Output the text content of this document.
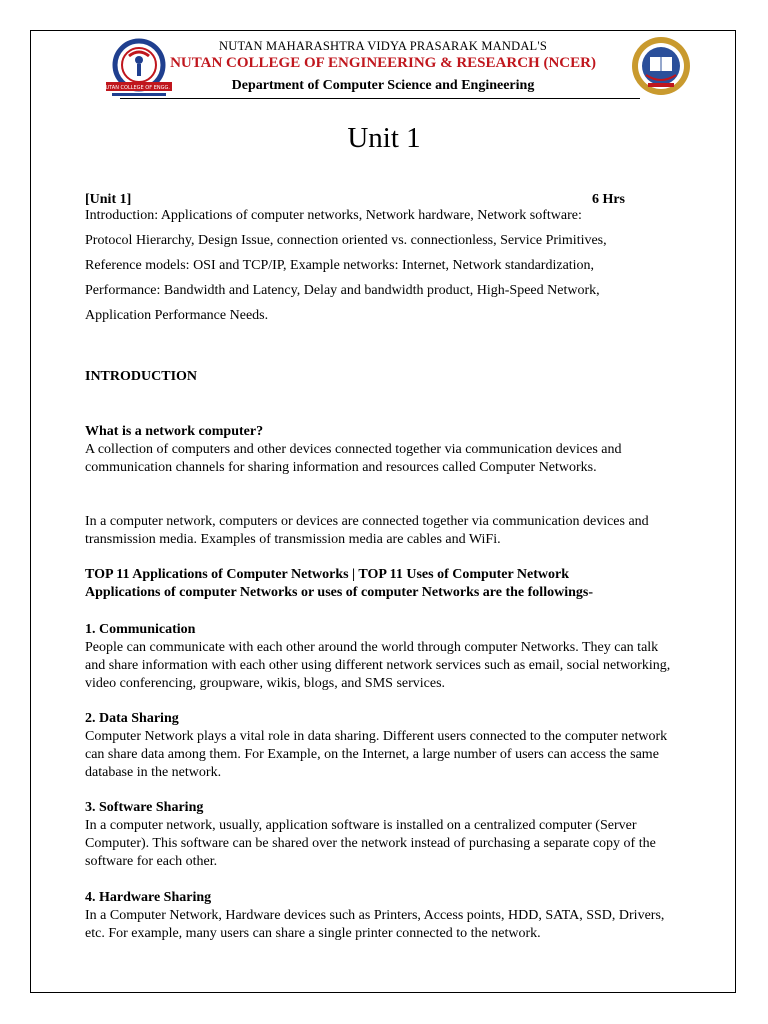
NUTAN COLLEGE OF ENGG. ...
NUTAN MAHARASHTRA VIDYA PRASARAK MANDAL'S
NUTAN COLLEGE OF ENGINEERING & RESEARCH (NCER)
Department of Computer Science and Engineering
Unit 1
[Unit 1]	6 Hrs
Introduction: Applications of computer networks, Network hardware, Network software:
Protocol Hierarchy, Design Issue, connection oriented vs. connectionless, Service Primitives,
Reference models: OSI and TCP/IP, Example networks: Internet, Network standardization,
Performance: Bandwidth and Latency, Delay and bandwidth product, High-Speed Network,
Application Performance Needs.
INTRODUCTION
What is a network computer?
A collection of computers and other devices connected together via communication devices and
communication channels for sharing information and resources called Computer Networks.
In a computer network, computers or devices are connected together via communication devices and
transmission media. Examples of transmission media are cables and WiFi.
TOP 11 Applications of Computer Networks | TOP 11 Uses of Computer Network
Applications of computer Networks or uses of computer Networks are the followings-
1. Communication
People can communicate with each other around the world through computer Networks. They can talk
and share information with each other using different network services such as email, social networking,
video conferencing, groupware, wikis, blogs, and SMS services.
2. Data Sharing
Computer Network plays a vital role in data sharing. Different users connected to the computer network
can share data among them. For Example, on the Internet, a large number of users can access the same
database in the network.
3. Software Sharing
In a computer network, usually, application software is installed on a centralized computer (Server
Computer). This software can be shared over the network instead of purchasing a separate copy of the
software for each other.
4. Hardware Sharing
In a Computer Network, Hardware devices such as Printers, Access points, HDD, SATA, SSD, Drivers,
etc. For example, many users can share a single printer connected to the network.
